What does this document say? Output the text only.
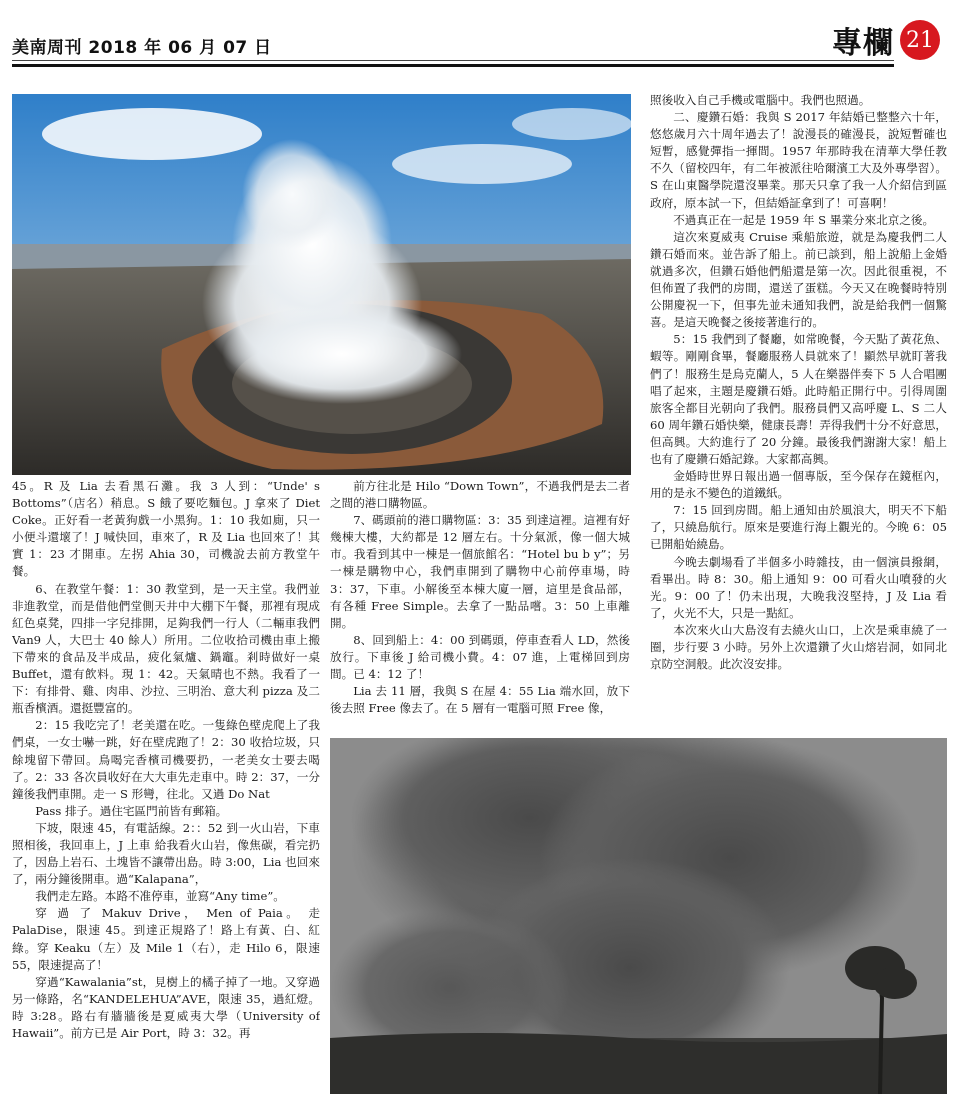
美南周刊 2018 年 06 月 07 日	專欄 21

45。R 及 Lia 去看黑石灘。我 3 人到：“Unde' s Bottoms”（店名）稍息。S 餓了要吃麵包。J 拿來了 Diet Coke。正好看一老黃狗戲一小黑狗。1：10 我如廁，只一小便斗還壞了！J 喊快回，車來了，R 及 Lia 也回來了！其實 1：23 才開車。左拐 Ahia 30，司機說去前方教堂午餐。

6、在教堂午餐：1：30 教堂到，是一天主堂。我們並非進教堂，而是借他們堂側天井中大棚下午餐，那裡有現成紅色桌凳，四排一字兒排開，足夠我們一行人（二輛車我們 Van9 人，大巴士 40 餘人）所用。二位收拾司機由車上搬下帶來的食品及半成品，疲化氣爐、鍋竈。剎時做好一桌 Buffet，還有飲料。現 1：42。天氣晴也不熱。我看了一下：有排骨、雞、肉串、沙拉、三明治、意大利 pizza 及二瓶香檳酒。還挺豐富的。

2：15 我吃完了！老美還在吃。一隻綠色壁虎爬上了我們桌，一女士嚇一跳，好在壁虎跑了！2：30 收拾垃圾，只餘塊留下帶回。鳥喝完香檳司機要扔，一老美女士要去喝了。2：33 各次員收好在大大車先走車中。時 2：37，一分鐘後我們車開。走一 S 形彎，往北。又過 Do Nat

Pass 排子。過住宅區門前皆有郵箱。

下坡，限速 45，有電話線。2：：52 到一火山岩，下車照相後，我回車上，J 上車 給我看火山岩，像焦碳，看完扔了，因島上岩石、土塊皆不讓帶出島。時 3:00，Lia 也回來了，兩分鐘後開車。過“Kalapana”，

我們走左路。本路不准停車，並寫“Any time”。

穿 過 了 Makuv Drive， Men of Paia。 走 PalaDise，限速 45。到達正規路了！路上有黃、白、紅綠。穿 Keaku（左）及 Mile 1（右），走 Hilo 6，限速 55，限速提高了！

穿過“Kawalania”st，見樹上的橘子掉了一地。又穿過另一條路，名“KANDELEHUA”AVE，限速 35，過紅燈。 時 3:28。路右有牆牆後是夏威夷大學（University of Hawaii”。前方已是 Air Port，時 3：32。再

前方往北是 Hilo “Down Town”，不過我們是去二者之間的港口購物區。

7、碼頭前的港口購物區：3：35 到達這裡。這裡有好幾棟大樓，大約都是 12 層左右。十分氣派，像一個大城市。我看到其中一棟是一個旅館名：“Hotel bu b y”；另一棟是購物中心，我們車開到了購物中心前停車場，時 3：37，下車。小解後至本棟大廈一層，這里是食品部，有各種 Free Simple。去拿了一點品嚐。3：50 上車離開。

8、回到船上：4：00 到碼頭，停車查看人 LD，然後放行。下車後 J 給司機小費。4：07 進，上電梯回到房間。已 4：12 了！

Lia 去 11 層，我與 S 在屋 4：55 Lia 端水回，放下後去照 Free 像去了。在 5 層有一電腦可照 Free 像，

照後收入自己手機或電腦中。我們也照過。

二、慶鑽石婚：我與 S 2017 年結婚已整整六十年，悠悠歲月六十周年過去了！說漫長的確漫長，說短暫確也短暫，感覺彈指一揮間。1957 年那時我在清華大學任教不久（留校四年，有二年被派往哈爾濱工大及外專學習）。S 在山東醫學院還沒畢業。那天只拿了我一人介紹信到區政府，原本試一下，但結婚証拿到了！可喜啊！

不過真正在一起是 1959 年 S 畢業分來北京之後。

這次來夏威夷 Cruise 乘船旅遊，就是為慶我們二人鑽石婚而來。並告訴了船上。前已談到，船上說船上金婚就過多次，但鑽石婚他們船還是第一次。因此很重視，不但佈置了我們的房間，還送了蛋糕。今天又在晚餐時特別公開慶祝一下，但事先並未通知我們，說是給我們一個驚喜。是這天晚餐之後接著進行的。

5：15 我們到了餐廳，如常晚餐，今天點了黃花魚、蝦等。剛剛食畢，餐廳服務人員就來了！顯然早就盯著我們了！服務生是烏克蘭人，5 人在樂器伴奏下 5 人合唱團唱了起來，主題是慶鑽石婚。此時船正開行中。引得周圍旅客全都目光朝向了我們。服務員們又高呼慶 L、S 二人 60 周年鑽石婚快樂，健康長壽！弄得我們十分不好意思，但高興。大約進行了 20 分鐘。最後我們謝謝大家！船上也有了慶鑽石婚記錄。大家都高興。

金婚時世界日報出過一個專版，至今保存在鏡框內，用的是永不變色的道鐵紙。

7：15 回到房間。船上通知由於風浪大，明天不下船了，只繞島航行。原來是要進行海上觀光的。今晚 6：05 已開船始繞島。

今晚去劇場看了半個多小時雜技，由一個演員撥網，看畢出。時 8：30。船上通知 9：00 可看火山噴發的火光。9：00 了！仍未出現，大晚我沒堅持，J 及 Lia 看了，火光不大，只是一點紅。

本次來火山大島沒有去繞火山口，上次是乘車繞了一圈，步行要 3 小時。另外上次還鑽了火山熔岩洞，如同北京防空洞般。此次沒安排。
